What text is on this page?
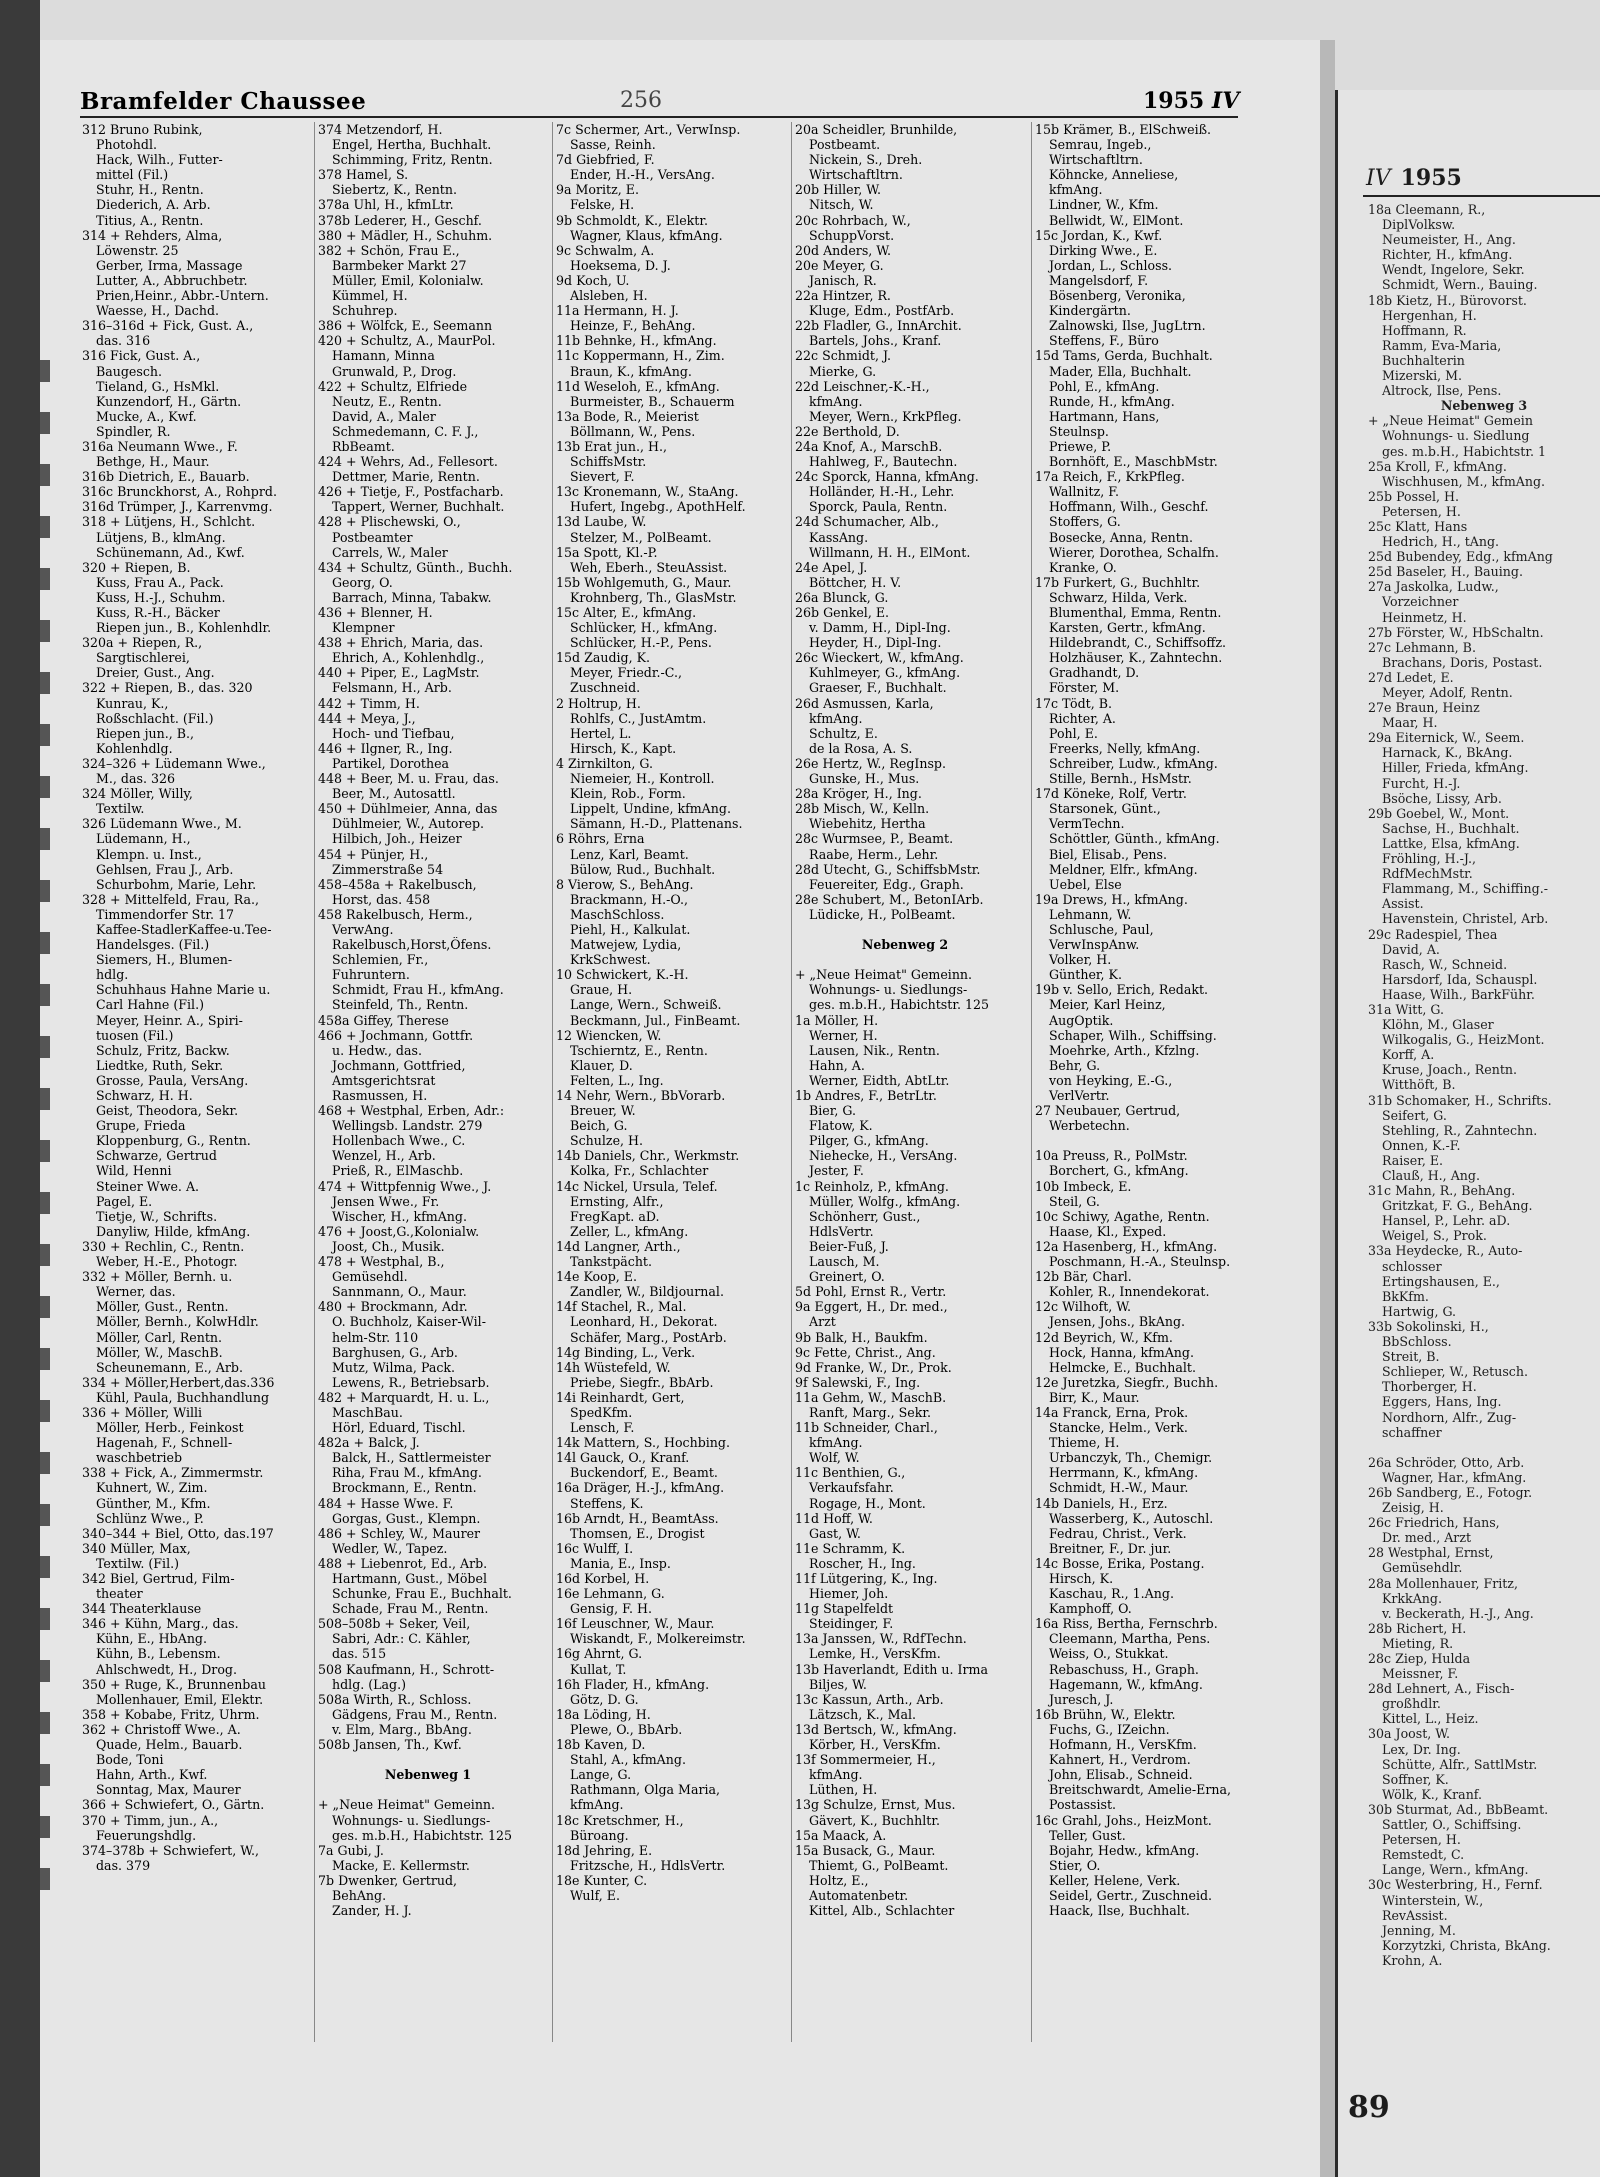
Bramfelder Chaussee	256	1955 IV
312 Bruno Rubink,
Photohdl.
Hack, Wilh., Futter-
mittel (Fil.)
Stuhr, H., Rentn.
Diederich, A. Arb.
Titius, A., Rentn.
314 + Rehders, Alma,
Löwenstr. 25
Gerber, Irma, Massage
Lutter, A., Abbruchbetr.
Prien,Heinr., Abbr.-Untern.
Waesse, H., Dachd.
316–316d + Fick, Gust. A.,
das. 316
316 Fick, Gust. A.,
Baugesch.
Tieland, G., HsMkl.
Kunzendorf, H., Gärtn.
Mucke, A., Kwf.
Spindler, R.
316a Neumann Wwe., F.
Bethge, H., Maur.
316b Dietrich, E., Bauarb.
316c Brunckhorst, A., Rohprd.
316d Trümper, J., Karrenvmg.
318 + Lütjens, H., Schlcht.
Lütjens, B., klmAng.
Schünemann, Ad., Kwf.
320 + Riepen, B.
Kuss, Frau A., Pack.
Kuss, H.-J., Schuhm.
Kuss, R.-H., Bäcker
Riepen jun., B., Kohlenhdlr.
320a + Riepen, R.,
Sargtischlerei,
Dreier, Gust., Ang.
322 + Riepen, B., das. 320
Kunrau, K.,
Roßschlacht. (Fil.)
Riepen jun., B.,
Kohlenhdlg.
324–326 + Lüdemann Wwe.,
M., das. 326
324 Möller, Willy,
Textilw.
326 Lüdemann Wwe., M.
Lüdemann, H.,
Klempn. u. Inst.,
Gehlsen, Frau J., Arb.
Schurbohm, Marie, Lehr.
328 + Mittelfeld, Frau, Ra.,
Timmendorfer Str. 17
Kaffee-StadlerKaffee-u.Tee-
Handelsges. (Fil.)
Siemers, H., Blumen-
hdlg.
Schuhhaus Hahne Marie u.
Carl Hahne (Fil.)
Meyer, Heinr. A., Spiri-
tuosen (Fil.)
Schulz, Fritz, Backw.
Liedtke, Ruth, Sekr.
Grosse, Paula, VersAng.
Schwarz, H. H.
Geist, Theodora, Sekr.
Grupe, Frieda
Kloppenburg, G., Rentn.
Schwarze, Gertrud
Wild, Henni
Steiner Wwe. A.
Pagel, E.
Tietje, W., Schrifts.
Danyliw, Hilde, kfmAng.
330 + Rechlin, C., Rentn.
Weber, H.-E., Photogr.
332 + Möller, Bernh. u.
Werner, das.
Möller, Gust., Rentn.
Möller, Bernh., KolwHdlr.
Möller, Carl, Rentn.
Möller, W., MaschB.
Scheunemann, E., Arb.
334 + Möller,Herbert,das.336
Kühl, Paula, Buchhandlung
336 + Möller, Willi
Möller, Herb., Feinkost
Hagenah, F., Schnell-
waschbetrieb
338 + Fick, A., Zimmermstr.
Kuhnert, W., Zim.
Günther, M., Kfm.
Schlünz Wwe., P.
340–344 + Biel, Otto, das.197
340 Müller, Max,
Textilw. (Fil.)
342 Biel, Gertrud, Film-
theater
344 Theaterklause
346 + Kühn, Marg., das.
Kühn, E., HbAng.
Kühn, B., Lebensm.
Ahlschwedt, H., Drog.
350 + Ruge, K., Brunnenbau
Mollenhauer, Emil, Elektr.
358 + Kobabe, Fritz, Uhrm.
362 + Christoff Wwe., A.
Quade, Helm., Bauarb.
Bode, Toni
Hahn, Arth., Kwf.
Sonntag, Max, Maurer
366 + Schwiefert, O., Gärtn.
370 + Timm, jun., A.,
Feuerungshdlg.
374–378b + Schwiefert, W.,
das. 379
374 Metzendorf, H.
Engel, Hertha, Buchhalt.
Schimming, Fritz, Rentn.
378 Hamel, S.
Siebertz, K., Rentn.
378a Uhl, H., kfmLtr.
378b Lederer, H., Geschf.
380 + Mädler, H., Schuhm.
382 + Schön, Frau E.,
Barmbeker Markt 27
Müller, Emil, Kolonialw.
Kümmel, H.
Schuhrep.
386 + Wölfck, E., Seemann
420 + Schultz, A., MaurPol.
Hamann, Minna
Grunwald, P., Drog.
422 + Schultz, Elfriede
Neutz, E., Rentn.
David, A., Maler
Schmedemann, C. F. J.,
RbBeamt.
424 + Wehrs, Ad., Fellesort.
Dettmer, Marie, Rentn.
426 + Tietje, F., Postfacharb.
Tappert, Werner, Buchhalt.
428 + Plischewski, O.,
Postbeamter
Carrels, W., Maler
434 + Schultz, Günth., Buchh.
Georg, O.
Barrach, Minna, Tabakw.
436 + Blenner, H.
Klempner
438 + Ehrich, Maria, das.
Ehrich, A., Kohlenhdlg.,
440 + Piper, E., LagMstr.
Felsmann, H., Arb.
442 + Timm, H.
444 + Meya, J.,
Hoch- und Tiefbau,
446 + Ilgner, R., Ing.
Partikel, Dorothea
448 + Beer, M. u. Frau, das.
Beer, M., Autosattl.
450 + Dühlmeier, Anna, das
Dühlmeier, W., Autorep.
Hilbich, Joh., Heizer
454 + Pünjer, H.,
Zimmerstraße 54
458–458a + Rakelbusch,
Horst, das. 458
458 Rakelbusch, Herm.,
VerwAng.
Rakelbusch,Horst,Öfens.
Schlemien, Fr.,
Fuhruntern.
Schmidt, Frau H., kfmAng.
Steinfeld, Th., Rentn.
458a Giffey, Therese
466 + Jochmann, Gottfr.
u. Hedw., das.
Jochmann, Gottfried,
Amtsgerichtsrat
Rasmussen, H.
468 + Westphal, Erben, Adr.:
Wellingsb. Landstr. 279
Hollenbach Wwe., C.
Wenzel, H., Arb.
Prieß, R., ElMaschb.
474 + Wittpfennig Wwe., J.
Jensen Wwe., Fr.
Wischer, H., kfmAng.
476 + Joost,G.,Kolonialw.
Joost, Ch., Musik.
478 + Westphal, B.,
Gemüsehdl.
Sannmann, O., Maur.
480 + Brockmann, Adr.
O. Buchholz, Kaiser-Wil-
helm-Str. 110
Barghusen, G., Arb.
Mutz, Wilma, Pack.
Lewens, R., Betriebsarb.
482 + Marquardt, H. u. L.,
MaschBau.
Hörl, Eduard, Tischl.
482a + Balck, J.
Balck, H., Sattlermeister
Riha, Frau M., kfmAng.
Brockmann, E., Rentn.
484 + Hasse Wwe. F.
Gorgas, Gust., Klempn.
486 + Schley, W., Maurer
Wedler, W., Tapez.
488 + Liebenrot, Ed., Arb.
Hartmann, Gust., Möbel
Schunke, Frau E., Buchhalt.
Schade, Frau M., Rentn.
508–508b + Seker, Veil,
Sabri, Adr.: C. Kähler,
das. 515
508 Kaufmann, H., Schrott-
hdlg. (Lag.)
508a Wirth, R., Schloss.
Gädgens, Frau M., Rentn.
v. Elm, Marg., BbAng.
508b Jansen, Th., Kwf.

Nebenweg 1

+ „Neue Heimat" Gemeinn.
Wohnungs- u. Siedlungs-
ges. m.b.H., Habichtstr. 125
7a Gubi, J.
Macke, E. Kellermstr.
7b Dwenker, Gertrud,
BehAng.
Zander, H. J.
7c Schermer, Art., VerwInsp.
Sasse, Reinh.
7d Giebfried, F.
Ender, H.-H., VersAng.
9a Moritz, E.
Felske, H.
9b Schmoldt, K., Elektr.
Wagner, Klaus, kfmAng.
9c Schwalm, A.
Hoeksema, D. J.
9d Koch, U.
Alsleben, H.
11a Hermann, H. J.
Heinze, F., BehAng.
11b Behnke, H., kfmAng.
11c Koppermann, H., Zim.
Braun, K., kfmAng.
11d Weseloh, E., kfmAng.
Burmeister, B., Schauerm
13a Bode, R., Meierist
Böllmann, W., Pens.
13b Erat jun., H.,
SchiffsMstr.
Sievert, F.
13c Kronemann, W., StaAng.
Hufert, Ingebg., ApothHelf.
13d Laube, W.
Stelzer, M., PolBeamt.
15a Spott, Kl.-P.
Weh, Eberh., SteuAssist.
15b Wohlgemuth, G., Maur.
Krohnberg, Th., GlasMstr.
15c Alter, E., kfmAng.
Schlücker, H., kfmAng.
Schlücker, H.-P., Pens.
15d Zaudig, K.
Meyer, Friedr.-C.,
Zuschneid.
2 Holtrup, H.
Rohlfs, C., JustAmtm.
Hertel, L.
Hirsch, K., Kapt.
4 Zirnkilton, G.
Niemeier, H., Kontroll.
Klein, Rob., Form.
Lippelt, Undine, kfmAng.
Sämann, H.-D., Plattenans.
6 Röhrs, Erna
Lenz, Karl, Beamt.
Bülow, Rud., Buchhalt.
8 Vierow, S., BehAng.
Brackmann, H.-O.,
MaschSchloss.
Piehl, H., Kalkulat.
Matwejew, Lydia,
KrkSchwest.
10 Schwickert, K.-H.
Graue, H.
Lange, Wern., Schweiß.
Beckmann, Jul., FinBeamt.
12 Wiencken, W.
Tschierntz, E., Rentn.
Klauer, D.
Felten, L., Ing.
14 Nehr, Wern., BbVorarb.
Breuer, W.
Beich, G.
Schulze, H.
14b Daniels, Chr., Werkmstr.
Kolka, Fr., Schlachter
14c Nickel, Ursula, Telef.
Ernsting, Alfr.,
FregKapt. aD.
Zeller, L., kfmAng.
14d Langner, Arth.,
Tankstpächt.
14e Koop, E.
Zandler, W., Bildjournal.
14f Stachel, R., Mal.
Leonhard, H., Dekorat.
Schäfer, Marg., PostArb.
14g Binding, L., Verk.
14h Wüstefeld, W.
Priebe, Siegfr., BbArb.
14i Reinhardt, Gert,
SpedKfm.
Lensch, F.
14k Mattern, S., Hochbing.
14l Gauck, O., Kranf.
Buckendorf, E., Beamt.
16a Dräger, H.-J., kfmAng.
Steffens, K.
16b Arndt, H., BeamtAss.
Thomsen, E., Drogist
16c Wulff, I.
Mania, E., Insp.
16d Korbel, H.
16e Lehmann, G.
Gensig, F. H.
16f Leuschner, W., Maur.
Wiskandt, F., Molkereimstr.
16g Ahrnt, G.
Kullat, T.
16h Flader, H., kfmAng.
Götz, D. G.
18a Löding, H.
Plewe, O., BbArb.
18b Kaven, D.
Stahl, A., kfmAng.
Lange, G.
Rathmann, Olga Maria,
kfmAng.
18c Kretschmer, H.,
Büroang.
18d Jehring, E.
Fritzsche, H., HdlsVertr.
18e Kunter, C.
Wulf, E.
20a Scheidler, Brunhilde,
Postbeamt.
Nickein, S., Dreh.
Wirtschaftltrn.
20b Hiller, W.
Nitsch, W.
20c Rohrbach, W.,
SchuppVorst.
20d Anders, W.
20e Meyer, G.
Janisch, R.
22a Hintzer, R.
Kluge, Edm., PostfArb.
22b Fladler, G., InnArchit.
Bartels, Johs., Kranf.
22c Schmidt, J.
Mierke, G.
22d Leischner,-K.-H.,
kfmAng.
Meyer, Wern., KrkPfleg.
22e Berthold, D.
24a Knof, A., MarschB.
Hahlweg, F., Bautechn.
24c Sporck, Hanna, kfmAng.
Holländer, H.-H., Lehr.
Sporck, Paula, Rentn.
24d Schumacher, Alb.,
KassAng.
Willmann, H. H., ElMont.
24e Apel, J.
Böttcher, H. V.
26a Blunck, G.
26b Genkel, E.
v. Damm, H., Dipl-Ing.
Heyder, H., Dipl-Ing.
26c Wieckert, W., kfmAng.
Kuhlmeyer, G., kfmAng.
Graeser, F., Buchhalt.
26d Asmussen, Karla,
kfmAng.
Schultz, E.
de la Rosa, A. S.
26e Hertz, W., RegInsp.
Gunske, H., Mus.
28a Kröger, H., Ing.
28b Misch, W., Kelln.
Wiebehitz, Hertha
28c Wurmsee, P., Beamt.
Raabe, Herm., Lehr.
28d Utecht, G., SchiffsbMstr.
Feuereiter, Edg., Graph.
28e Schubert, M., BetonIArb.
Lüdicke, H., PolBeamt.

Nebenweg 2

+ „Neue Heimat" Gemeinn.
Wohnungs- u. Siedlungs-
ges. m.b.H., Habichtstr. 125
1a Möller, H.
Werner, H.
Lausen, Nik., Rentn.
Hahn, A.
Werner, Eidth, AbtLtr.
1b Andres, F., BetrLtr.
Bier, G.
Flatow, K.
Pilger, G., kfmAng.
Niehecke, H., VersAng.
Jester, F.
1c Reinholz, P., kfmAng.
Müller, Wolfg., kfmAng.
Schönherr, Gust.,
HdlsVertr.
Beier-Fuß, J.
Lausch, M.
Greinert, O.
5d Pohl, Ernst R., Vertr.
9a Eggert, H., Dr. med.,
Arzt
9b Balk, H., Baukfm.
9c Fette, Christ., Ang.
9d Franke, W., Dr., Prok.
9f Salewski, F., Ing.
11a Gehm, W., MaschB.
Ranft, Marg., Sekr.
11b Schneider, Charl.,
kfmAng.
Wolf, W.
11c Benthien, G.,
Verkaufsfahr.
Rogage, H., Mont.
11d Hoff, W.
Gast, W.
11e Schramm, K.
Roscher, H., Ing.
11f Lütgering, K., Ing.
Hiemer, Joh.
11g Stapelfeldt
Steidinger, F.
13a Janssen, W., RdfTechn.
Lemke, H., VersKfm.
13b Haverlandt, Edith u. Irma
Biljes, W.
13c Kassun, Arth., Arb.
Lätzsch, K., Mal.
13d Bertsch, W., kfmAng.
Körber, H., VersKfm.
13f Sommermeier, H.,
kfmAng.
Lüthen, H.
13g Schulze, Ernst, Mus.
Gävert, K., Buchhltr.
15a Maack, A.
15a Busack, G., Maur.
Thiemt, G., PolBeamt.
Holtz, E.,
Automatenbetr.
Kittel, Alb., Schlachter
15b Krämer, B., ElSchweiß.
Semrau, Ingeb.,
Wirtschaftltrn.
Köhncke, Anneliese,
kfmAng.
Lindner, W., Kfm.
Bellwidt, W., ElMont.
15c Jordan, K., Kwf.
Dirking Wwe., E.
Jordan, L., Schloss.
Mangelsdorf, F.
Bösenberg, Veronika,
Kindergärtn.
Zalnowski, Ilse, JugLtrn.
Steffens, F., Büro
15d Tams, Gerda, Buchhalt.
Mader, Ella, Buchhalt.
Pohl, E., kfmAng.
Runde, H., kfmAng.
Hartmann, Hans,
Steulnsp.
Priewe, P.
Bornhöft, E., MaschbMstr.
17a Reich, F., KrkPfleg.
Wallnitz, F.
Hoffmann, Wilh., Geschf.
Stoffers, G.
Bosecke, Anna, Rentn.
Wierer, Dorothea, Schalfn.
Kranke, O.
17b Furkert, G., Buchhltr.
Schwarz, Hilda, Verk.
Blumenthal, Emma, Rentn.
Karsten, Gertr., kfmAng.
Hildebrandt, C., Schiffsoffz.
Holzhäuser, K., Zahntechn.
Gradhandt, D.
Förster, M.
17c Tödt, B.
Richter, A.
Pohl, E.
Freerks, Nelly, kfmAng.
Schreiber, Ludw., kfmAng.
Stille, Bernh., HsMstr.
17d Köneke, Rolf, Vertr.
Starsonek, Günt.,
VermTechn.
Schöttler, Günth., kfmAng.
Biel, Elisab., Pens.
Meldner, Elfr., kfmAng.
Uebel, Else
19a Drews, H., kfmAng.
Lehmann, W.
Schlusche, Paul,
VerwInspAnw.
Volker, H.
Günther, K.
19b v. Sello, Erich, Redakt.
Meier, Karl Heinz,
AugOptik.
Schaper, Wilh., Schiffsing.
Moehrke, Arth., Kfzlng.
Behr, G.
von Heyking, E.-G.,
VerlVertr.
27 Neubauer, Gertrud,
Werbetechn.

10a Preuss, R., PolMstr.
Borchert, G., kfmAng.
10b Imbeck, E.
Steil, G.
10c Schiwy, Agathe, Rentn.
Haase, Kl., Exped.
12a Hasenberg, H., kfmAng.
Poschmann, H.-A., Steulnsp.
12b Bär, Charl.
Kohler, R., Innendekorat.
12c Wilhoft, W.
Jensen, Johs., BkAng.
12d Beyrich, W., Kfm.
Hock, Hanna, kfmAng.
Helmcke, E., Buchhalt.
12e Juretzka, Siegfr., Buchh.
Birr, K., Maur.
14a Franck, Erna, Prok.
Stancke, Helm., Verk.
Thieme, H.
Urbanczyk, Th., Chemigr.
Herrmann, K., kfmAng.
Schmidt, H.-W., Maur.
14b Daniels, H., Erz.
Wasserberg, K., Autoschl.
Fedrau, Christ., Verk.
Breitner, F., Dr. jur.
14c Bosse, Erika, Postang.
Hirsch, K.
Kaschau, R., 1.Ang.
Kamphoff, O.
16a Riss, Bertha, Fernschrb.
Cleemann, Martha, Pens.
Weiss, O., Stukkat.
Rebaschuss, H., Graph.
Hagemann, W., kfmAng.
Juresch, J.
16b Brühn, W., Elektr.
Fuchs, G., IZeichn.
Hofmann, H., VersKfm.
Kahnert, H., Verdrom.
John, Elisab., Schneid.
Breitschwardt, Amelie-Erna,
Postassist.
16c Grahl, Johs., HeizMont.
Teller, Gust.
Bojahr, Hedw., kfmAng.
Stier, O.
Keller, Helene, Verk.
Seidel, Gertr., Zuschneid.
Haack, Ilse, Buchhalt.
IV 1955
18a Cleemann, R.,
DiplVolksw.
Neumeister, H., Ang.
Richter, H., kfmAng.
Wendt, Ingelore, Sekr.
Schmidt, Wern., Bauing.
18b Kietz, H., Bürovorst.
Hergenhan, H.
Hoffmann, R.
Ramm, Eva-Maria,
Buchhalterin
Mizerski, M.
Altrock, Ilse, Pens.
Nebenweg 3
+ „Neue Heimat" Gemein
Wohnungs- u. Siedlung
ges. m.b.H., Habichtstr. 1
25a Kroll, F., kfmAng.
Wischhusen, M., kfmAng.
25b Possel, H.
Petersen, H.
25c Klatt, Hans
Hedrich, H., tAng.
25d Bubendey, Edg., kfmAng
25d Baseler, H., Bauing.
27a Jaskolka, Ludw.,
Vorzeichner
Heinmetz, H.
27b Förster, W., HbSchaltn.
27c Lehmann, B.
Brachans, Doris, Postast.
27d Ledet, E.
Meyer, Adolf, Rentn.
27e Braun, Heinz
Maar, H.
29a Eiternick, W., Seem.
Harnack, K., BkAng.
Hiller, Frieda, kfmAng.
Furcht, H.-J.
Bsöche, Lissy, Arb.
29b Goebel, W., Mont.
Sachse, H., Buchhalt.
Lattke, Elsa, kfmAng.
Fröhling, H.-J.,
RdfMechMstr.
Flammang, M., Schiffing.-
Assist.
Havenstein, Christel, Arb.
29c Radespiel, Thea
David, A.
Rasch, W., Schneid.
Harsdorf, Ida, Schauspl.
Haase, Wilh., BarkFühr.
31a Witt, G.
Klöhn, M., Glaser
Wilkogalis, G., HeizMont.
Korff, A.
Kruse, Joach., Rentn.
Witthöft, B.
31b Schomaker, H., Schrifts.
Seifert, G.
Stehling, R., Zahntechn.
Onnen, K.-F.
Raiser, E.
Clauß, H., Ang.
31c Mahn, R., BehAng.
Gritzkat, F. G., BehAng.
Hansel, P., Lehr. aD.
Weigel, S., Prok.
33a Heydecke, R., Auto-
schlosser
Ertingshausen, E.,
BkKfm.
Hartwig, G.
33b Sokolinski, H.,
BbSchloss.
Streit, B.
Schlieper, W., Retusch.
Thorberger, H.
Eggers, Hans, Ing.
Nordhorn, Alfr., Zug-
schaffner

26a Schröder, Otto, Arb.
Wagner, Har., kfmAng.
26b Sandberg, E., Fotogr.
Zeisig, H.
26c Friedrich, Hans,
Dr. med., Arzt
28 Westphal, Ernst,
Gemüsehdlr.
28a Mollenhauer, Fritz,
KrkkAng.
v. Beckerath, H.-J., Ang.
28b Richert, H.
Mieting, R.
28c Ziep, Hulda
Meissner, F.
28d Lehnert, A., Fisch-
großhdlr.
Kittel, L., Heiz.
30a Joost, W.
Lex, Dr. Ing.
Schütte, Alfr., SattlMstr.
Soffner, K.
Wölk, K., Kranf.
30b Sturmat, Ad., BbBeamt.
Sattler, O., Schiffsing.
Petersen, H.
Remstedt, C.
Lange, Wern., kfmAng.
30c Westerbring, H., Fernf.
Winterstein, W.,
RevAssist.
Jenning, M.
Korzytzki, Christa, BkAng.
Krohn, A.
89
